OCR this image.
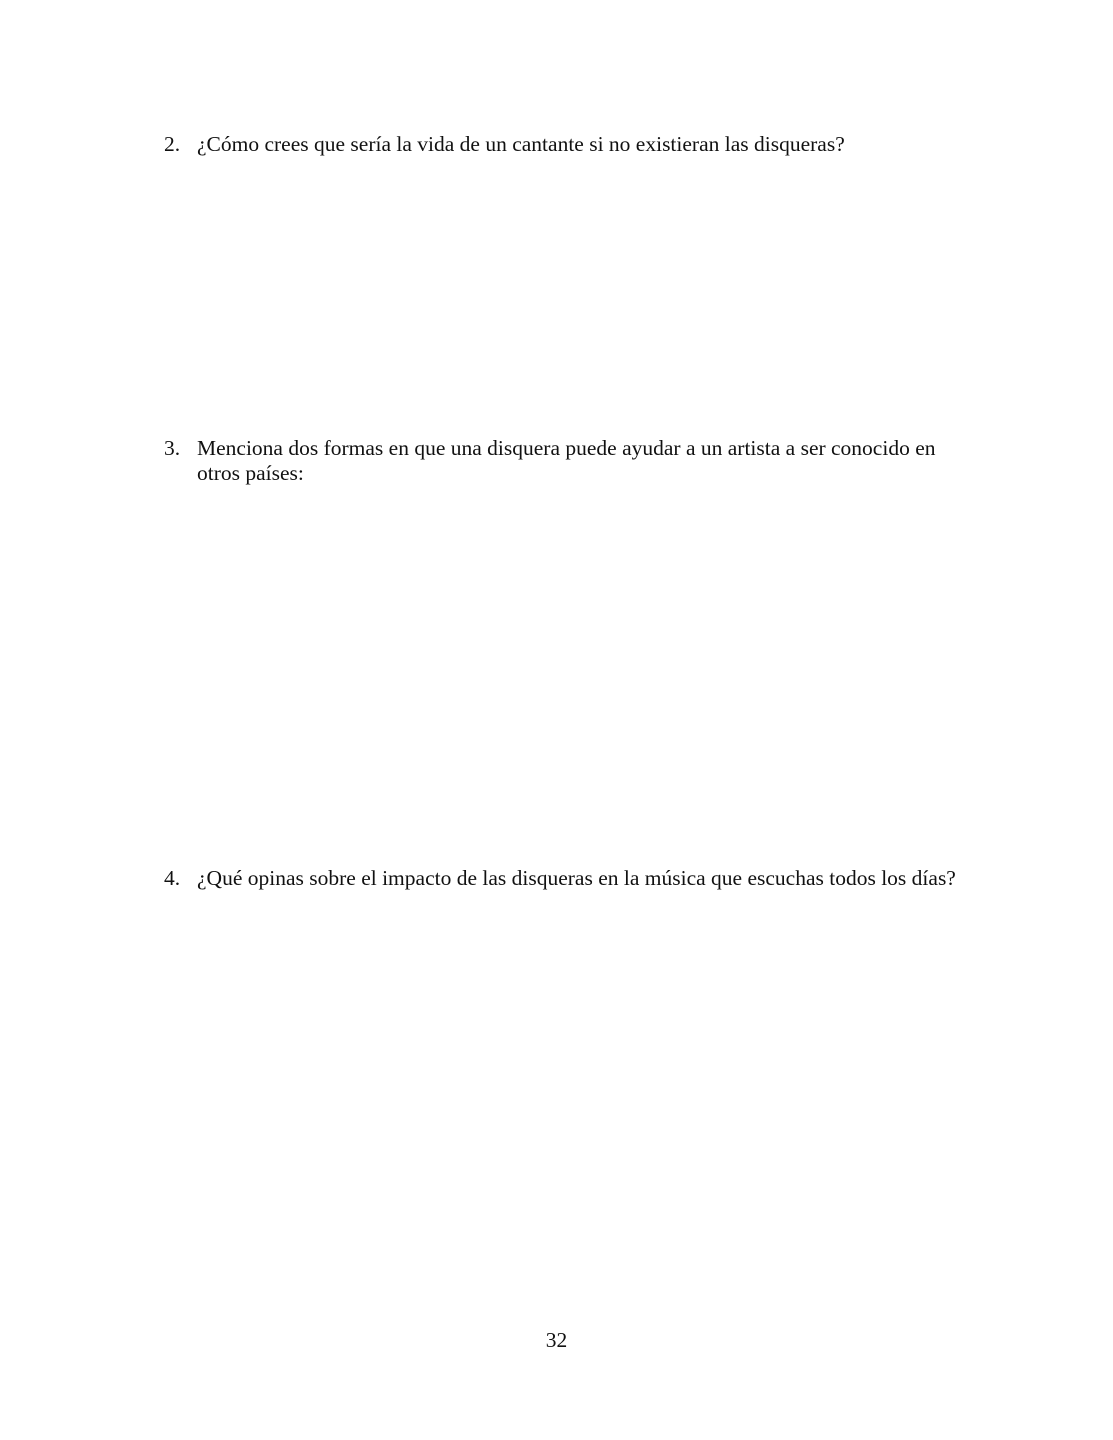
2. ¿Cómo crees que sería la vida de un cantante si no existieran las disqueras?
3. Menciona dos formas en que una disquera puede ayudar a un artista a ser conocido en otros países:
4. ¿Qué opinas sobre el impacto de las disqueras en la música que escuchas todos los días?
32
